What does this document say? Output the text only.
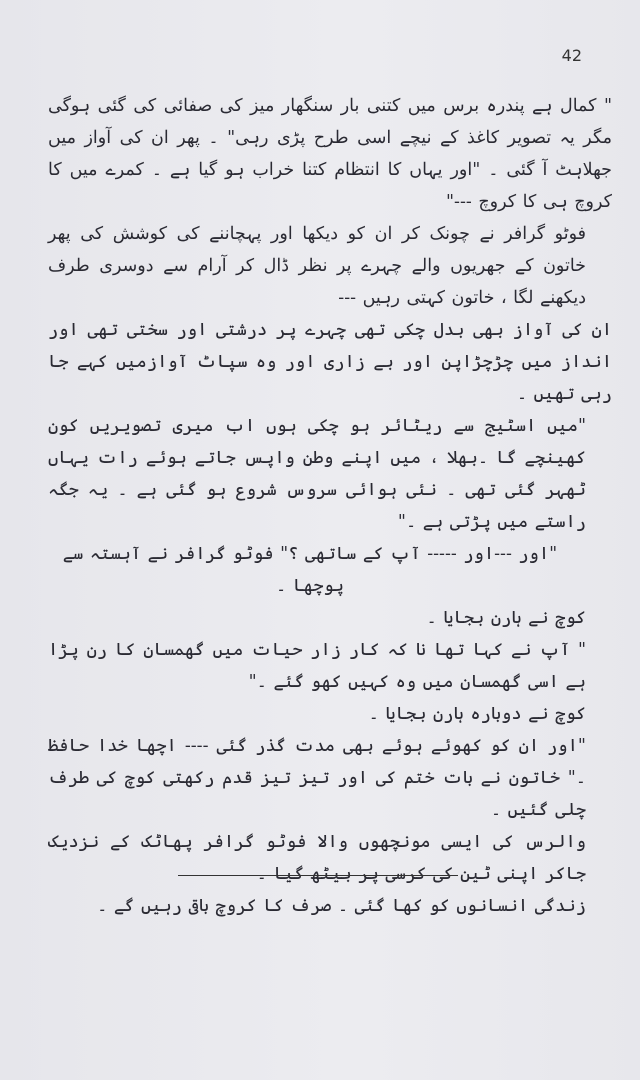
42

" کمال ہے پندرہ برس میں کتنی بار سنگھار میز کی صفائی کی گئی ہوگی مگر یہ تصویر کاغذ کے نیچے اسی طرح پڑی رہی" ۔ پھر ان کی آواز میں جھلاہٹ آ گئی ۔ "اور یہاں کا انتظام کتنا خراب ہو گیا ہے ۔ کمرے میں کا کروچ ہی کا کروچ ---"

فوٹو گرافر نے چونک کر ان کو دیکھا اور پہچاننے کی کوشش کی پھر خاتون کے جھریوں والے چہرے پر نظر ڈال کر آرام سے دوسری طرف دیکھنے لگا ، خاتون کہتی رہیں ---

ان کی آواز بھی بدل چکی تھی چہرے پر درشتی اور سختی تھی اور انداز میں چڑچڑاپن اور بے زاری اور وہ سپاٹ آوازمیں کہے جا رہی تھیں ۔

"میں اسٹیج سے ریٹائر ہو چکی ہوں اب میری تصویریں کون کھینچے گا ۔بھلا ، میں اپنے وطن واپس جاتے ہوئے رات یہاں ٹھہر گئی تھی ۔ نئی ہوائی سروس شروع ہو گئی ہے ۔ یہ جگہ راستے میں پڑتی ہے ۔"

"اور ---اور ----- آپ کے ساتھی ؟" فوٹو گرافر نے آہستہ سے پوچھا ۔

کوچ نے ہارن بجایا ۔

" آپ نے کہا تھا نا کہ کار زار حیات میں گھمسان کا رن پڑا ہے اسی گھمسان میں وہ کہیں کھو گئے ۔"

کوچ نے دوبارہ ہارن بجایا ۔

"اور ان کو کھوئے ہوئے بھی مدت گذر گئی ---- اچھا خدا حافظ ۔" خاتون نے بات ختم کی اور تیز تیز قدم رکھتی کوچ کی طرف چلی گئیں ۔

والرس کی ایسی مونچھوں والا فوٹو گرافر پھاٹک کے نزدیک جاکر اپنی ٹین کی کرسی پر بیٹھ گیا ۔

زندگی انسانوں کو کھا گئی ۔ صرف کا کروچ باقی رہیں گے ۔
